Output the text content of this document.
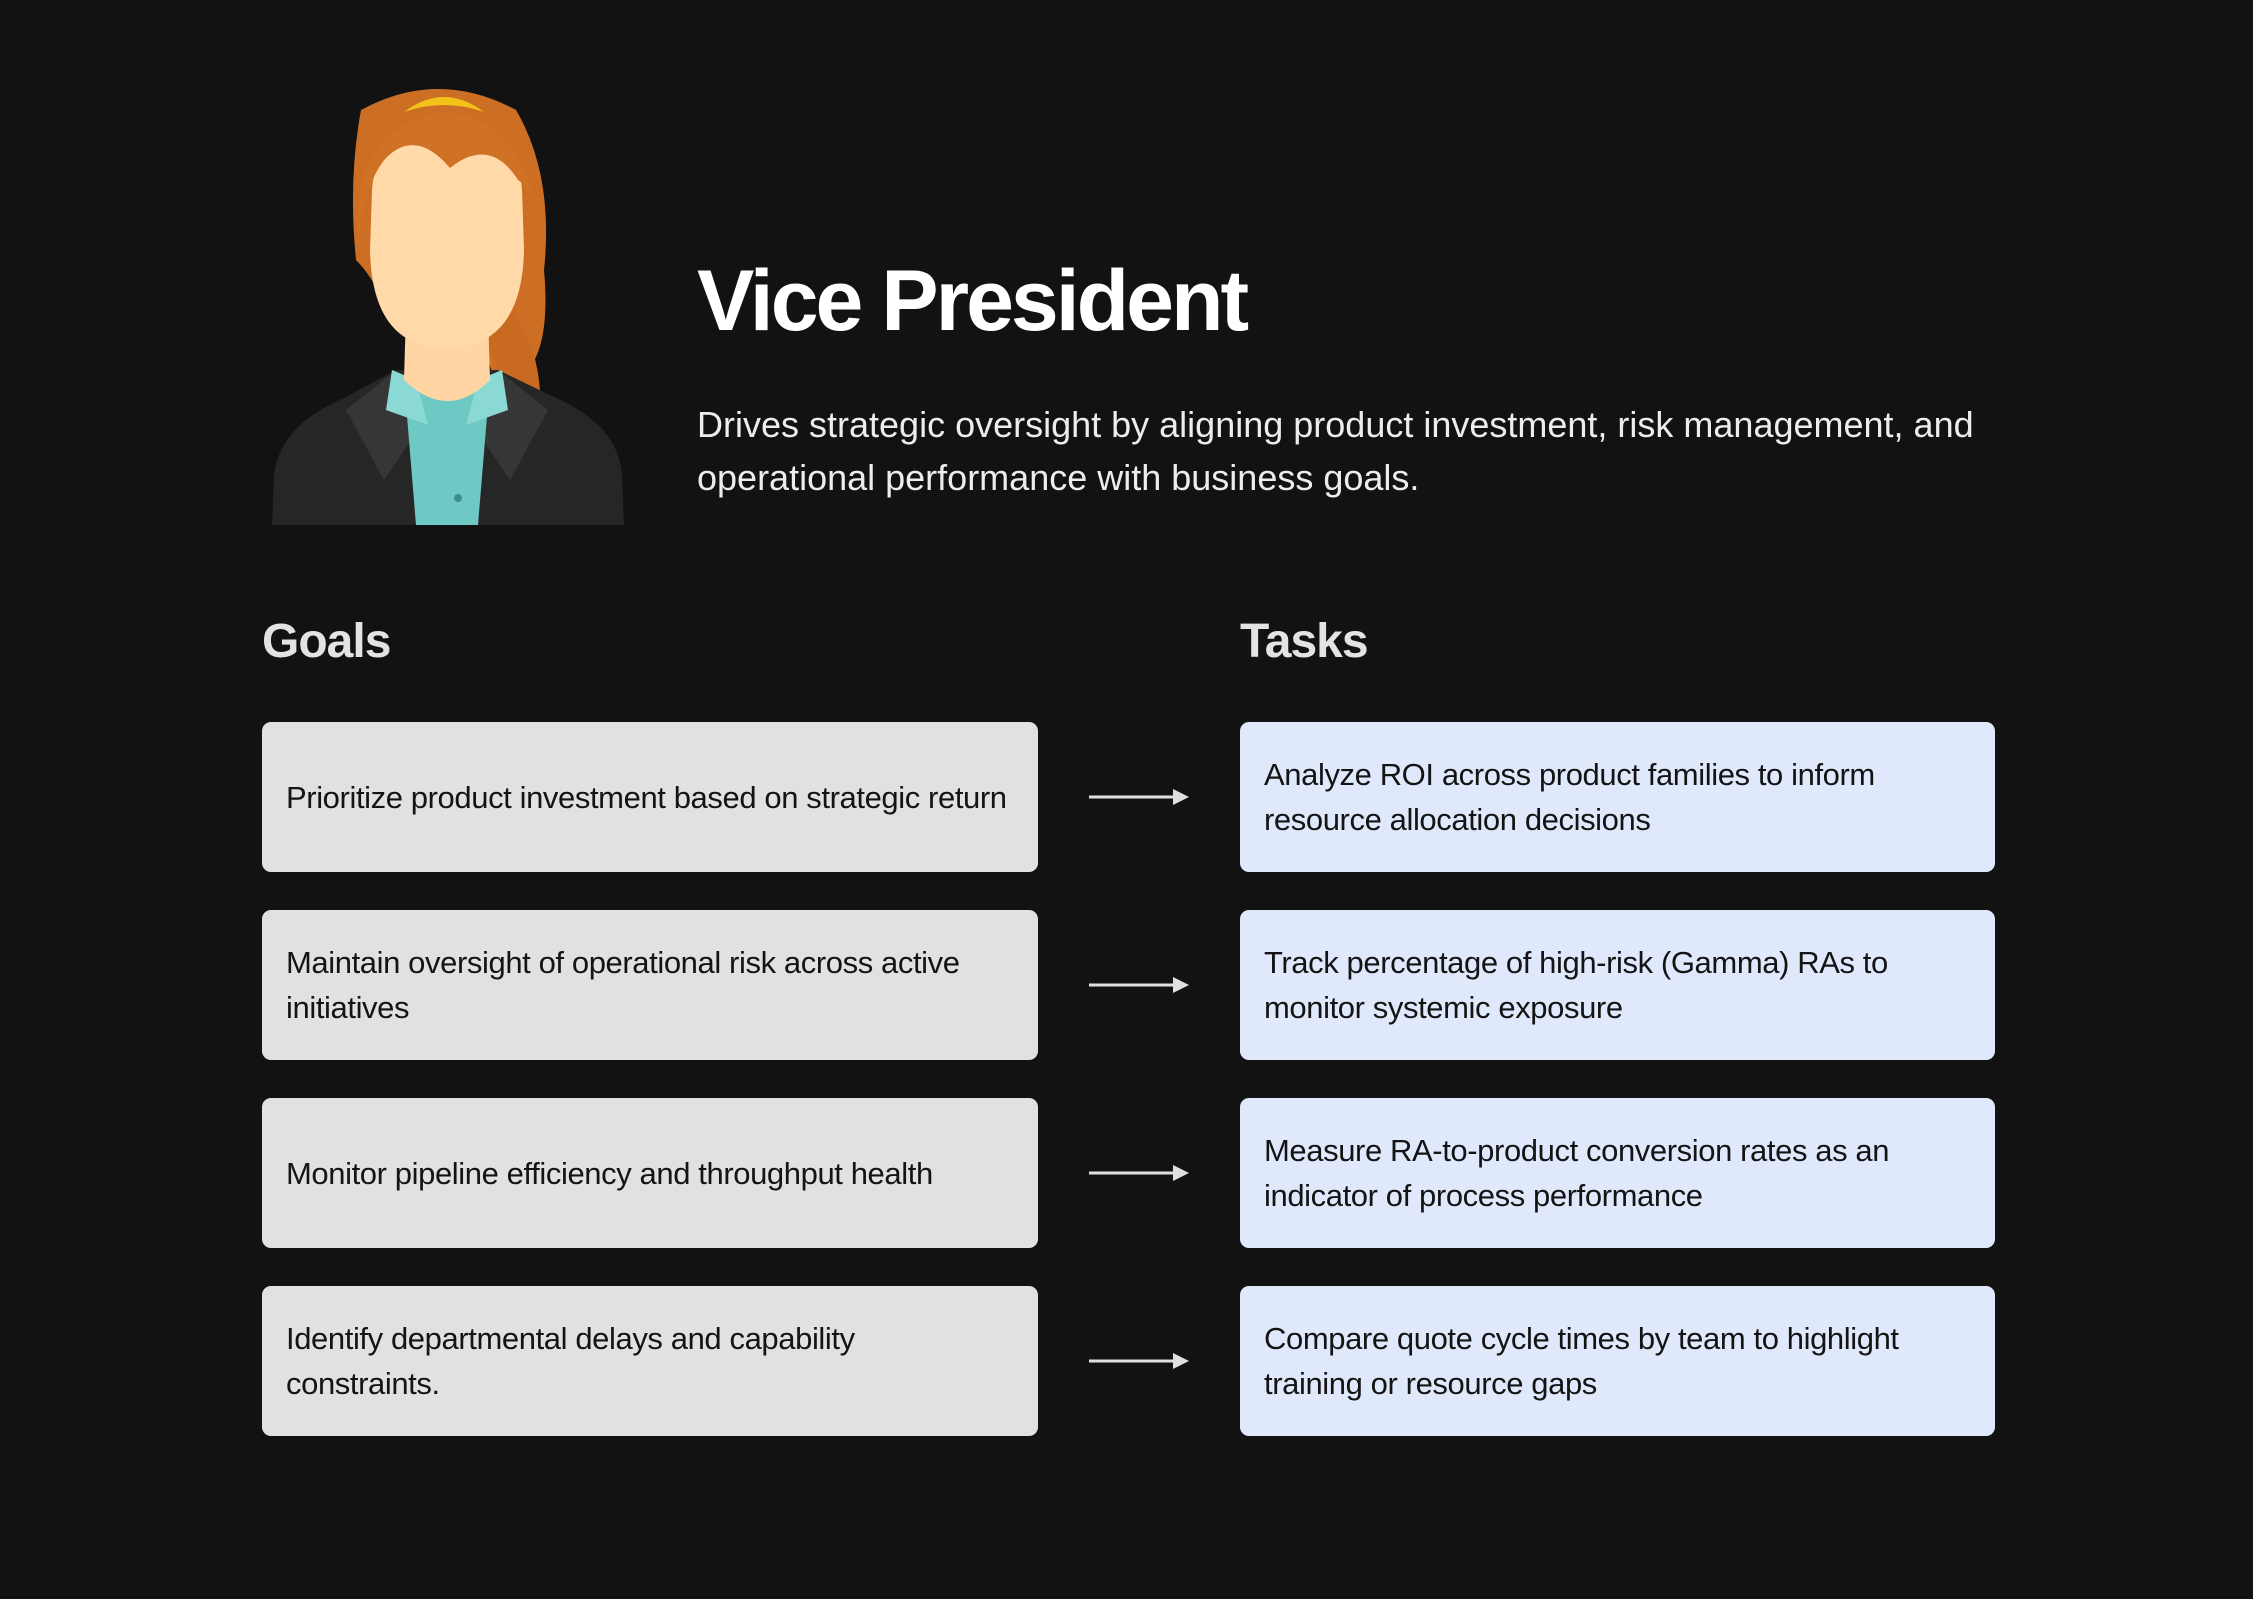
Vice President

Drives strategic oversight by aligning product investment, risk management, and operational performance with business goals.

Goals	Tasks
Prioritize product investment based on strategic return
Analyze ROI across product families to inform resource allocation decisions
Maintain oversight of operational risk across active initiatives
Track percentage of high-risk (Gamma) RAs to monitor systemic exposure
Monitor pipeline efficiency and throughput health
Measure RA-to-product conversion rates as an indicator of process performance
Identify departmental delays and capability constraints.
Compare quote cycle times by team to highlight training or resource gaps
